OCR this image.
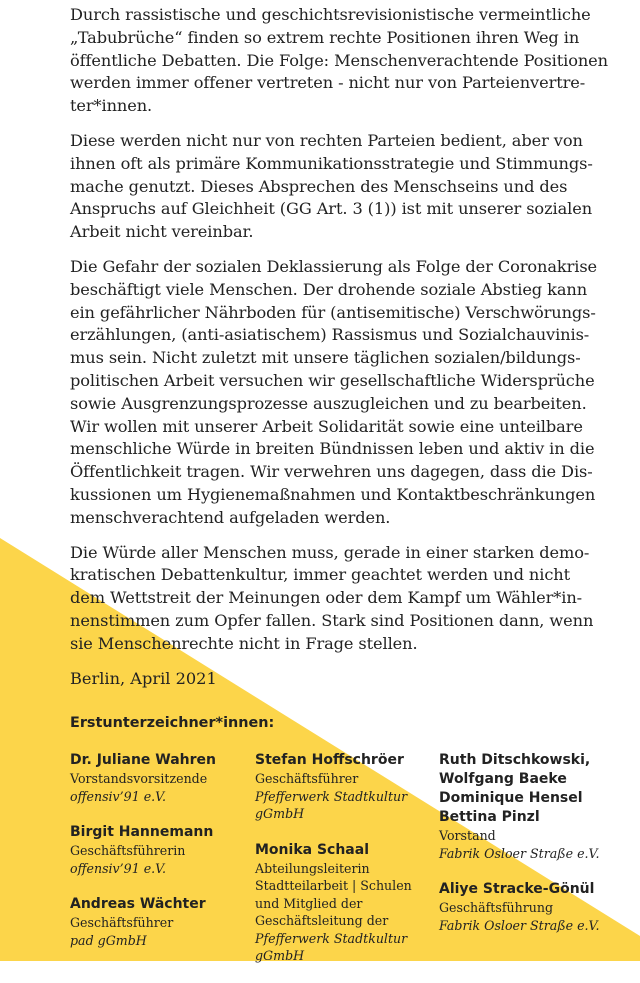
Durch rassistische und geschichtsrevisionistische vermeintliche
„Tabubrüche“ finden so extrem rechte Positionen ihren Weg in
öffentliche Debatten. Die Folge: Menschenverachtende Positionen
werden immer offener vertreten - nicht nur von Parteienvertre-
ter*innen.

Diese werden nicht nur von rechten Parteien bedient, aber von
ihnen oft als primäre Kommunikationsstrategie und Stimmungs-
mache genutzt. Dieses Absprechen des Menschseins und des
Anspruchs auf Gleichheit (GG Art. 3 (1)) ist mit unserer sozialen
Arbeit nicht vereinbar.

Die Gefahr der sozialen Deklassierung als Folge der Coronakrise
beschäftigt viele Menschen. Der drohende soziale Abstieg kann
ein gefährlicher Nährboden für (antisemitische) Verschwörungs-
erzählungen, (anti-asiatischem) Rassismus und Sozialchauvinis-
mus sein. Nicht zuletzt mit unsere täglichen sozialen/bildungs-
politischen Arbeit versuchen wir gesellschaftliche Widersprüche
sowie Ausgrenzungsprozesse auszugleichen und zu bearbeiten.
Wir wollen mit unserer Arbeit Solidarität sowie eine unteilbare
menschliche Würde in breiten Bündnissen leben und aktiv in die
Öffentlichkeit tragen. Wir verwehren uns dagegen, dass die Dis-
kussionen um Hygienemaßnahmen und Kontaktbeschränkungen
menschverachtend aufgeladen werden.

Die Würde aller Menschen muss, gerade in einer starken demo-
kratischen Debattenkultur, immer geachtet werden und nicht
dem Wettstreit der Meinungen oder dem Kampf um Wähler*in-
nenstimmen zum Opfer fallen. Stark sind Positionen dann, wenn
sie Menschenrechte nicht in Frage stellen.

Berlin, April 2021

Erstunterzeichner*innen:
Dr. Juliane Wahren
Vorstandsvorsitzende
offensiv’91 e.V.
Birgit Hannemann
Geschäftsführerin
offensiv’91 e.V.
Andreas Wächter
Geschäftsführer
pad gGmbH
Stefan Hoffschröer
Geschäftsführer
Pfefferwerk Stadtkultur
gGmbH
Monika Schaal
Abteilungsleiterin
Stadtteilarbeit | Schulen
und Mitglied der
Geschäftsleitung der
Pfefferwerk Stadtkultur
gGmbH
Ruth Ditschkowski,
Wolfgang Baeke
Dominique Hensel
Bettina Pinzl
Vorstand
Fabrik Osloer Straße e.V.
Aliye Stracke-Gönül
Geschäftsführung
Fabrik Osloer Straße e.V.
